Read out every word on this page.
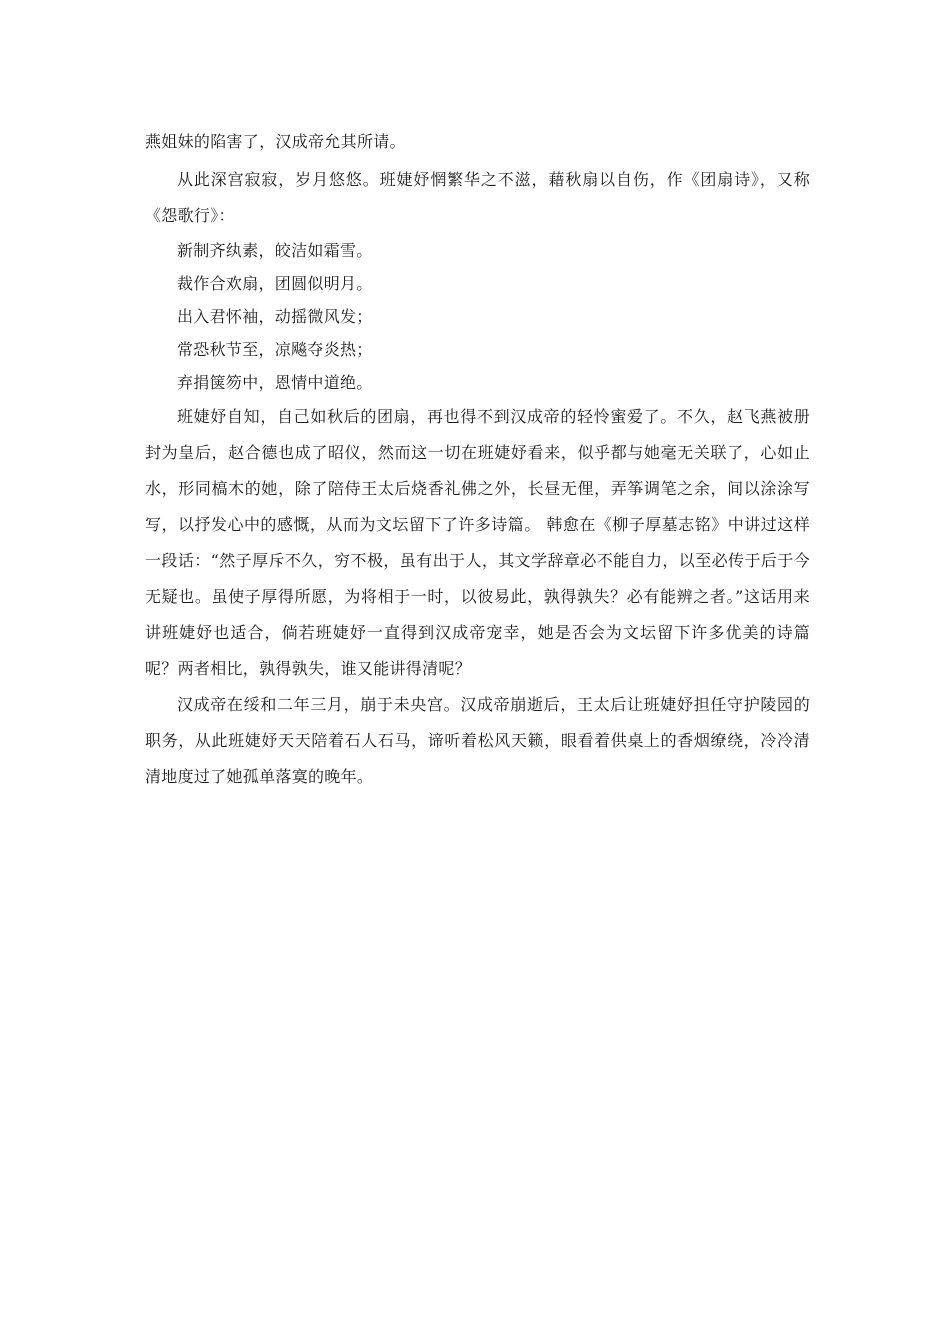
燕姐妹的陷害了，汉成帝允其所请。

从此深宫寂寂，岁月悠悠。班婕妤惘繁华之不滋，藉秋扇以自伤，作《团扇诗》，又称《怨歌行》：

新制齐纨素，皎洁如霜雪。

裁作合欢扇，团圆似明月。

出入君怀袖，动摇微风发；

常恐秋节至，凉飚夺炎热；

弃捐箧笏中，恩情中道绝。

班婕妤自知，自己如秋后的团扇，再也得不到汉成帝的轻怜蜜爱了。不久，赵飞燕被册封为皇后，赵合德也成了昭仪，然而这一切在班婕妤看来，似乎都与她毫无关联了，心如止水，形同槁木的她，除了陪侍王太后烧香礼佛之外，长昼无俚，弄筝调笔之余，间以涂涂写写，以抒发心中的感慨，从而为文坛留下了许多诗篇。 韩愈在《柳子厚墓志铭》中讲过这样一段话：“然子厚斥不久，穷不极，虽有出于人，其文学辞章必不能自力，以至必传于后于今无疑也。虽使子厚得所愿，为将相于一时，以彼易此，孰得孰失？必有能辨之者。”这话用来讲班婕妤也适合，倘若班婕妤一直得到汉成帝宠幸，她是否会为文坛留下许多优美的诗篇呢？两者相比，孰得孰失，谁又能讲得清呢？

汉成帝在绥和二年三月，崩于未央宫。汉成帝崩逝后，王太后让班婕妤担任守护陵园的职务，从此班婕妤天天陪着石人石马，谛听着松风天籁，眼看着供桌上的香烟缭绕，冷冷清清地度过了她孤单落寞的晚年。
